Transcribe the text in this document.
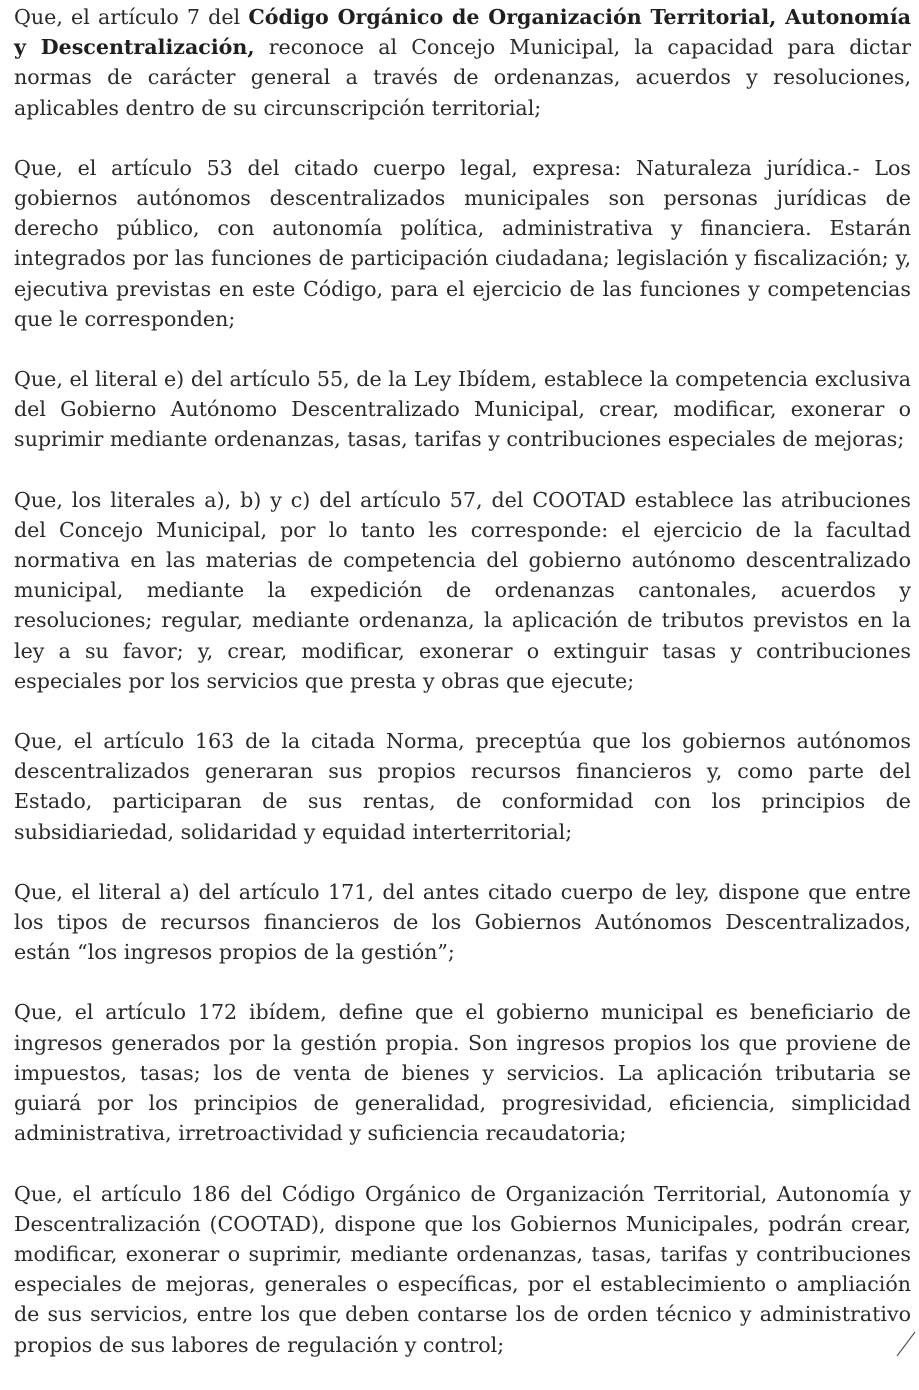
Que, el artículo 7 del Código Orgánico de Organización Territorial, Autonomía y Descentralización, reconoce al Concejo Municipal, la capacidad para dictar normas de carácter general a través de ordenanzas, acuerdos y resoluciones, aplicables dentro de su circunscripción territorial;

Que, el artículo 53 del citado cuerpo legal, expresa: Naturaleza jurídica.- Los gobiernos autónomos descentralizados municipales son personas jurídicas de derecho público, con autonomía política, administrativa y financiera. Estarán integrados por las funciones de participación ciudadana; legislación y fiscalización; y, ejecutiva previstas en este Código, para el ejercicio de las funciones y competencias que le corresponden;

Que, el literal e) del artículo 55, de la Ley Ibídem, establece la competencia exclusiva del Gobierno Autónomo Descentralizado Municipal, crear, modificar, exonerar o suprimir mediante ordenanzas, tasas, tarifas y contribuciones especiales de mejoras;

Que, los literales a), b) y c) del artículo 57, del COOTAD establece las atribuciones del Concejo Municipal, por lo tanto les corresponde: el ejercicio de la facultad normativa en las materias de competencia del gobierno autónomo descentralizado municipal, mediante la expedición de ordenanzas cantonales, acuerdos y resoluciones; regular, mediante ordenanza, la aplicación de tributos previstos en la ley a su favor; y, crear, modificar, exonerar o extinguir tasas y contribuciones especiales por los servicios que presta y obras que ejecute;

Que, el artículo 163 de la citada Norma, preceptúa que los gobiernos autónomos descentralizados generaran sus propios recursos financieros y, como parte del Estado, participaran de sus rentas, de conformidad con los principios de subsidiariedad, solidaridad y equidad interterritorial;

Que, el literal a) del artículo 171, del antes citado cuerpo de ley, dispone que entre los tipos de recursos financieros de los Gobiernos Autónomos Descentralizados, están “los ingresos propios de la gestión”;

Que, el artículo 172 ibídem, define que el gobierno municipal es beneficiario de ingresos generados por la gestión propia. Son ingresos propios los que proviene de impuestos, tasas; los de venta de bienes y servicios. La aplicación tributaria se guiará por los principios de generalidad, progresividad, eficiencia, simplicidad administrativa, irretroactividad y suficiencia recaudatoria;

Que, el artículo 186 del Código Orgánico de Organización Territorial, Autonomía y Descentralización (COOTAD), dispone que los Gobiernos Municipales, podrán crear, modificar, exonerar o suprimir, mediante ordenanzas, tasas, tarifas y contribuciones especiales de mejoras, generales o específicas, por el establecimiento o ampliación de sus servicios, entre los que deben contarse los de orden técnico y administrativo propios de sus labores de regulación y control;
